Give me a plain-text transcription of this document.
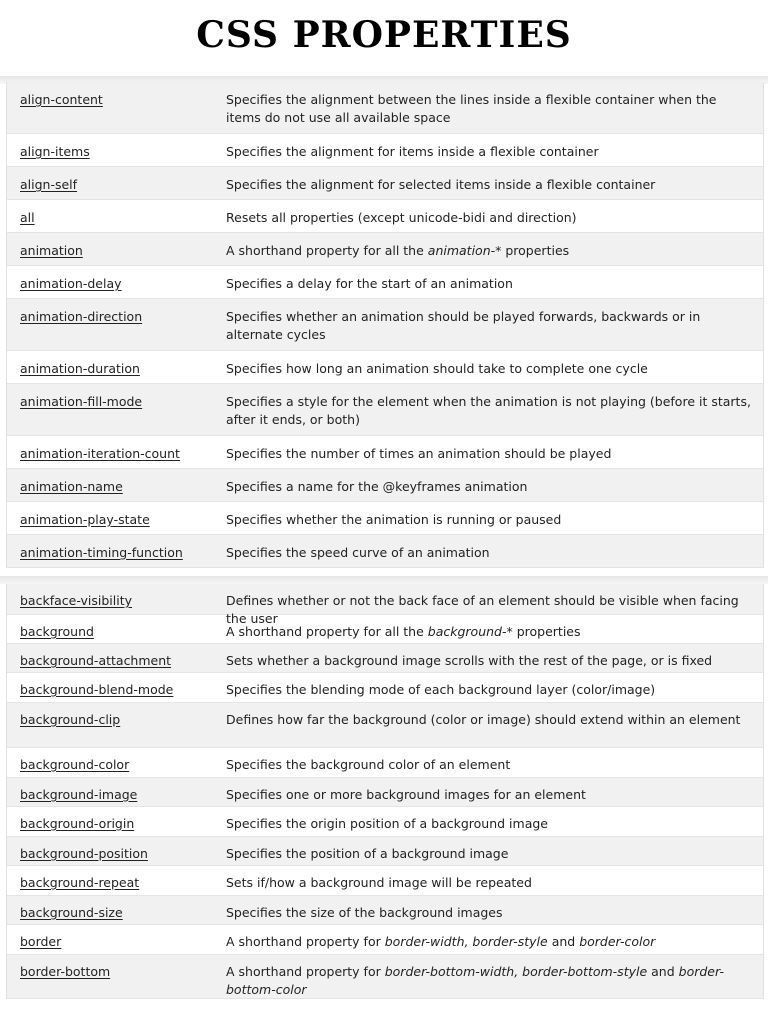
CSS PROPERTIES
align-content	Specifies the alignment between the lines inside a flexible container when the items do not use all available space
align-items	Specifies the alignment for items inside a flexible container
align-self	Specifies the alignment for selected items inside a flexible container
all	Resets all properties (except unicode-bidi and direction)
animation	A shorthand property for all the animation-* properties
animation-delay	Specifies a delay for the start of an animation
animation-direction	Specifies whether an animation should be played forwards, backwards or in alternate cycles
animation-duration	Specifies how long an animation should take to complete one cycle
animation-fill-mode	Specifies a style for the element when the animation is not playing (before it starts, after it ends, or both)
animation-iteration-count	Specifies the number of times an animation should be played
animation-name	Specifies a name for the @keyframes animation
animation-play-state	Specifies whether the animation is running or paused
animation-timing-function	Specifies the speed curve of an animation
backface-visibility	Defines whether or not the back face of an element should be visible when facing the user
background	A shorthand property for all the background-* properties
background-attachment	Sets whether a background image scrolls with the rest of the page, or is fixed
background-blend-mode	Specifies the blending mode of each background layer (color/image)
background-clip	Defines how far the background (color or image) should extend within an element
background-color	Specifies the background color of an element
background-image	Specifies one or more background images for an element
background-origin	Specifies the origin position of a background image
background-position	Specifies the position of a background image
background-repeat	Sets if/how a background image will be repeated
background-size	Specifies the size of the background images
border	A shorthand property for border-width, border-style and border-color
border-bottom	A shorthand property for border-bottom-width, border-bottom-style and border-bottom-color
